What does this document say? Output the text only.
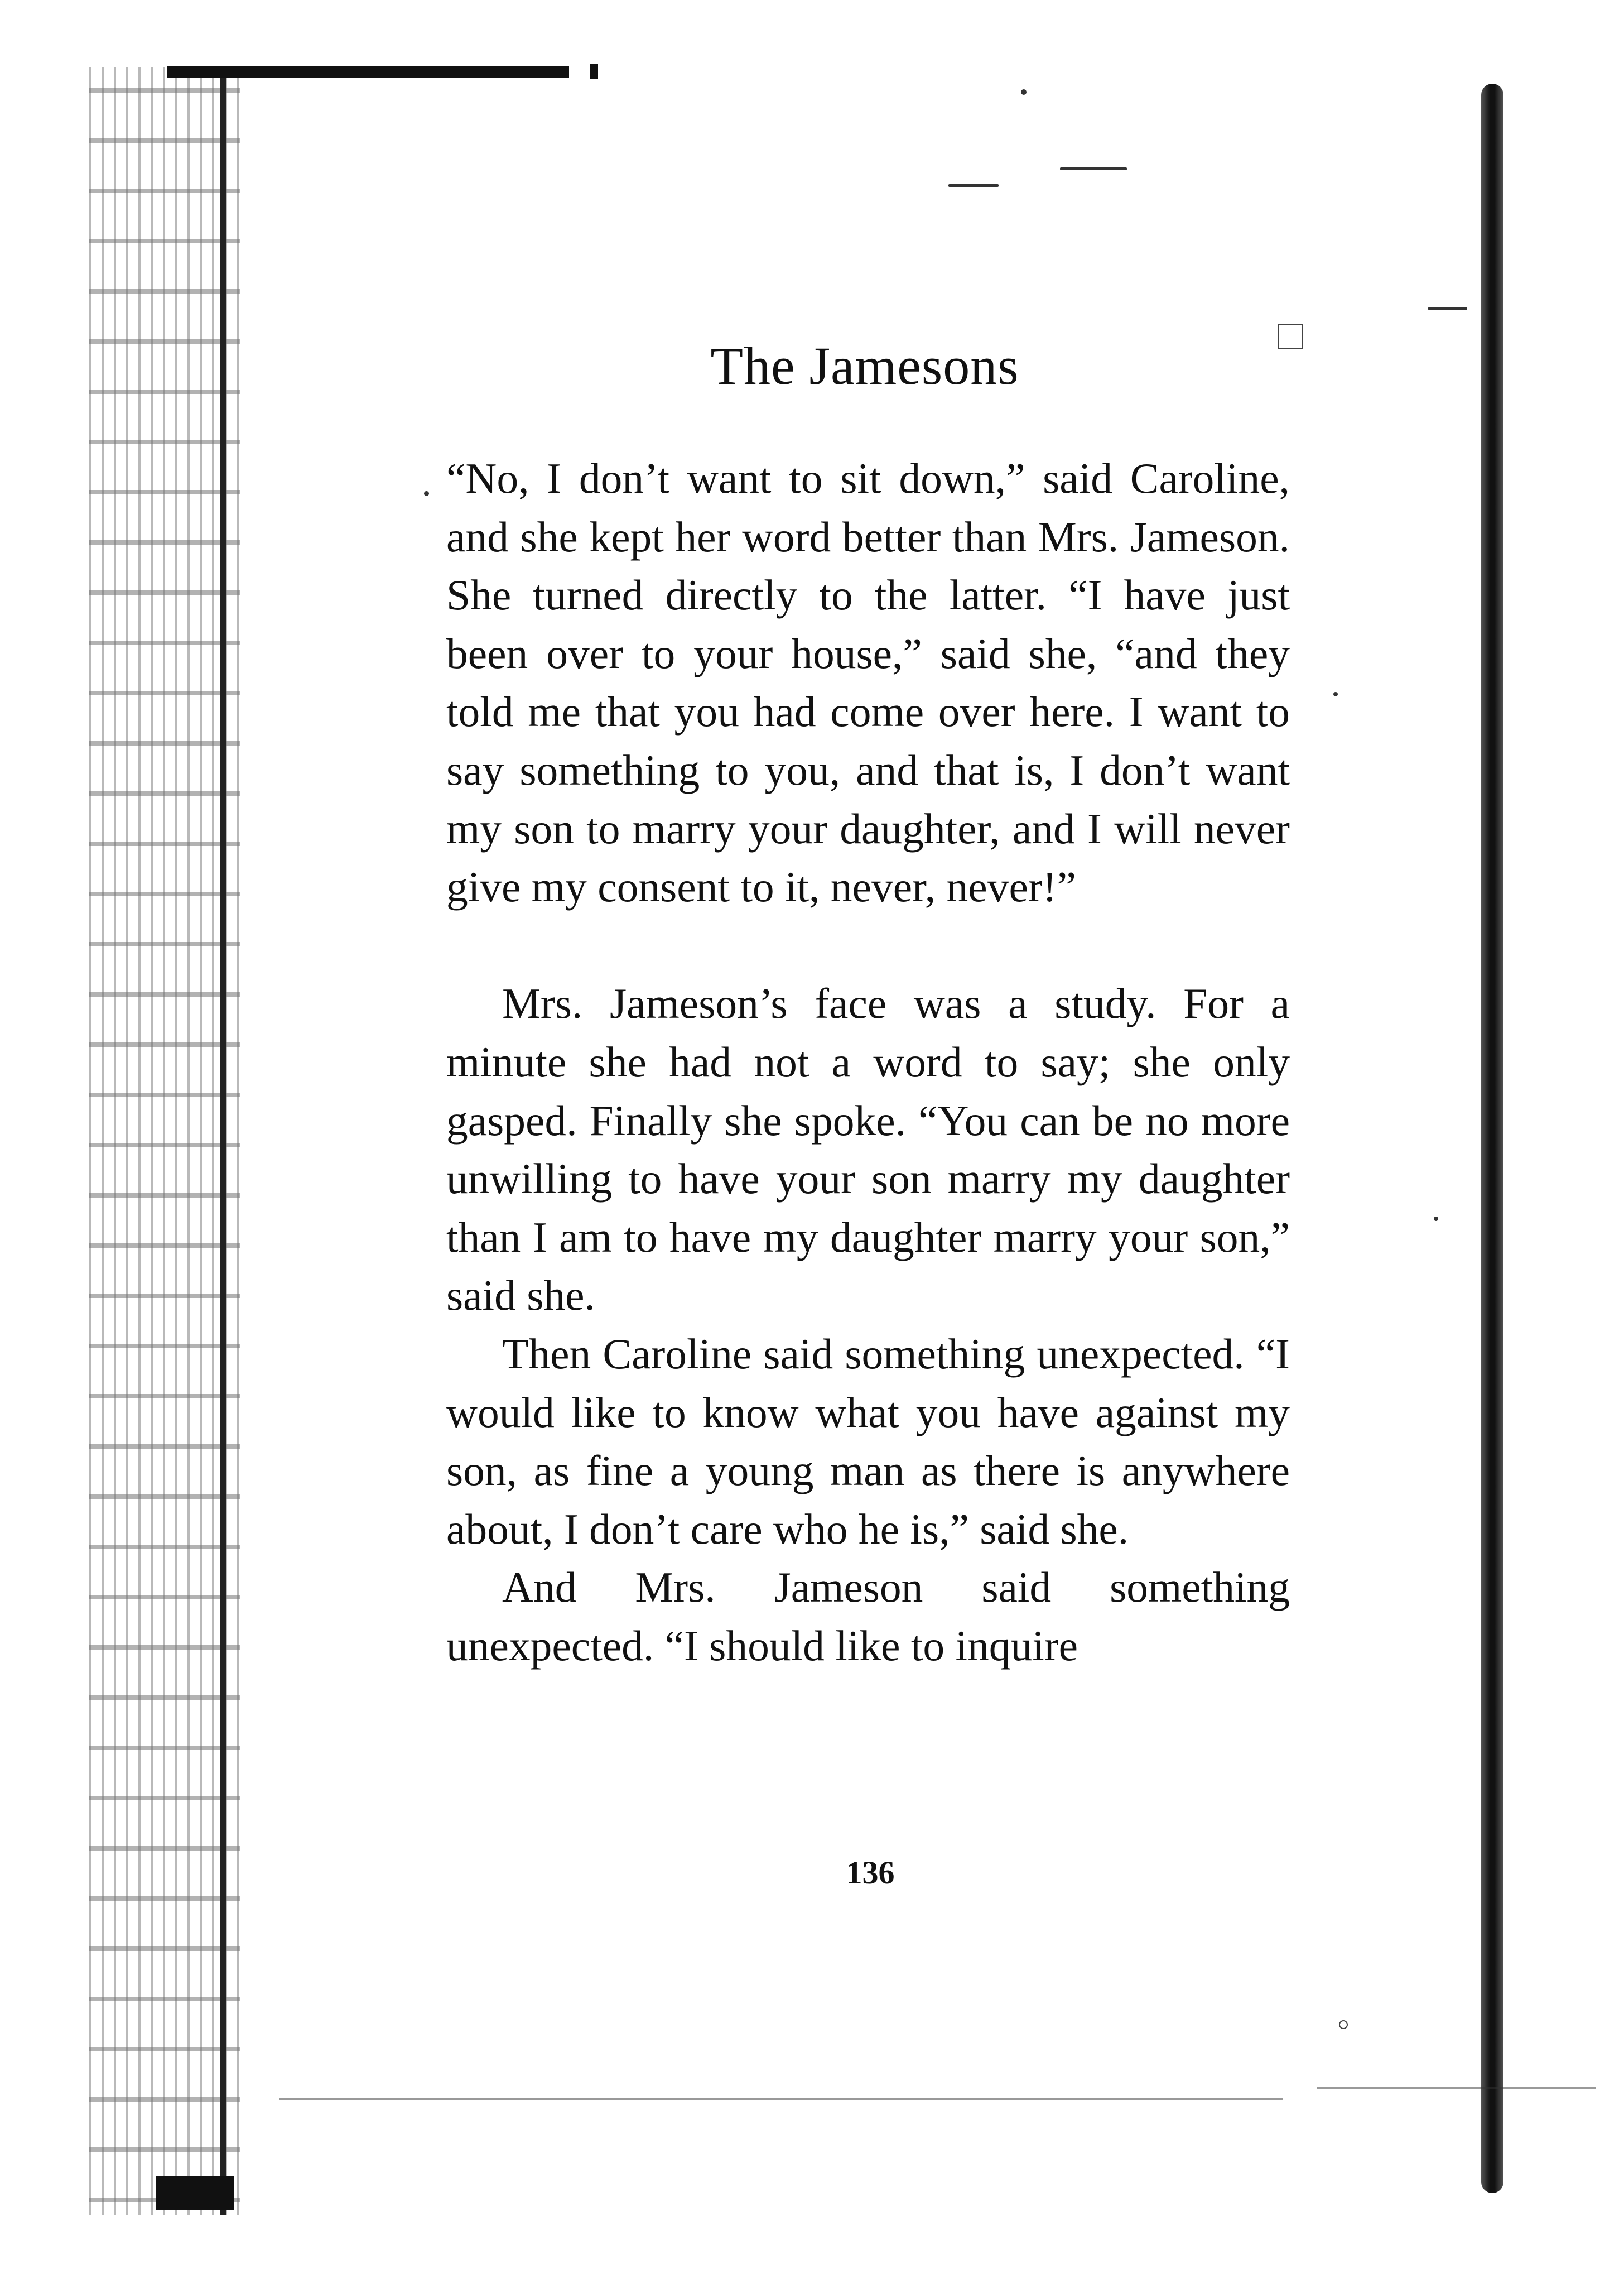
The Jamesons

“No, I don’t want to sit down,” said Caroline, and she kept her word better than Mrs. Jameson. She turned directly to the latter. “I have just been over to your house,” said she, “and they told me that you had come over here. I want to say something to you, and that is, I don’t want my son to marry your daughter, and I will never give my consent to it, never, never!”

Mrs. Jameson’s face was a study. For a minute she had not a word to say; she only gasped. Finally she spoke. “You can be no more unwilling to have your son marry my daughter than I am to have my daughter marry your son,” said she.

Then Caroline said something unexpected. “I would like to know what you have against my son, as fine a young man as there is anywhere about, I don’t care who he is,” said she.

And Mrs. Jameson said something unexpected. “I should like to inquire

136
